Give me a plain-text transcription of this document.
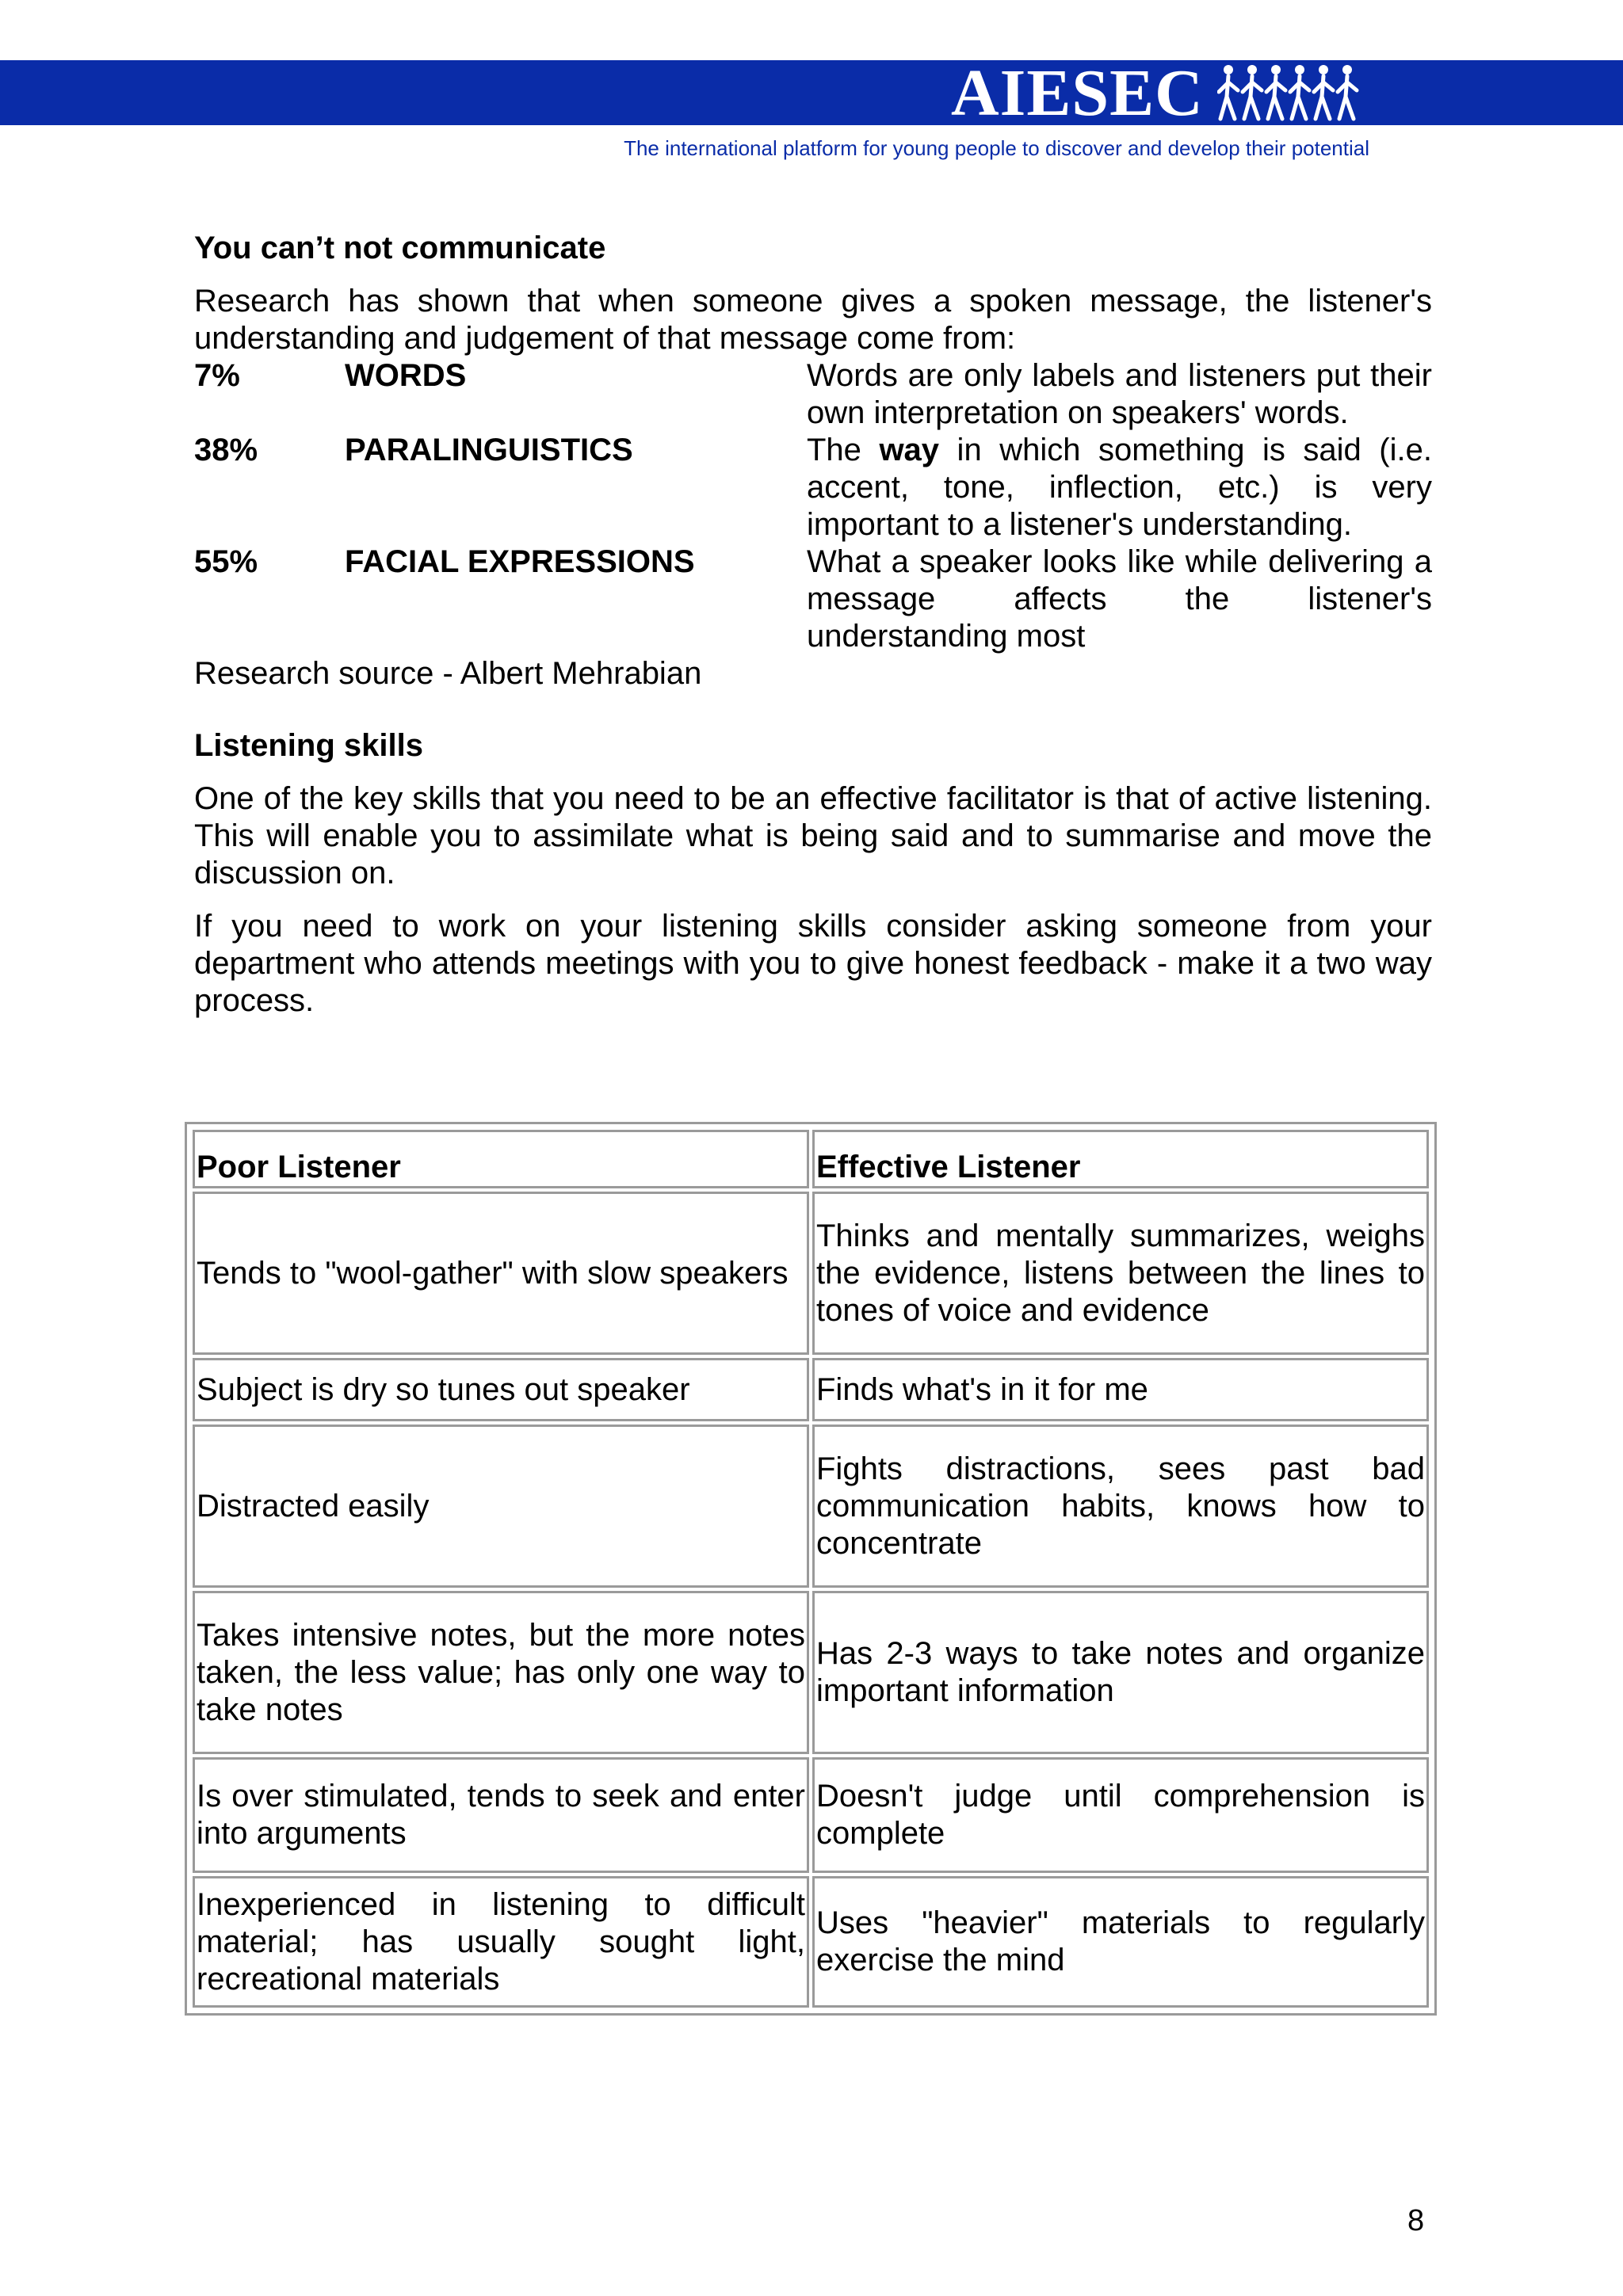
AIESEC
The international platform for young people to discover and develop their potential

You can’t not communicate

Research has shown that when someone gives a spoken message, the listener's understanding and judgement of that message come from:

7%	WORDS	Words are only labels and listeners put their own interpretation on speakers' words.
38%	PARALINGUISTICS	The way in which something is said (i.e. accent, tone, inflection, etc.) is very important to a listener's understanding.
55%	FACIAL EXPRESSIONS	What a speaker looks like while delivering a message affects the listener's understanding most

Research source - Albert Mehrabian

Listening skills

One of the key skills that you need to be an effective facilitator is that of active listening. This will enable you to assimilate what is being said and to summarise and move the discussion on.

If you need to work on your listening skills consider asking someone from your department who attends meetings with you to give honest feedback - make it a two way process.

Poor Listener	Effective Listener
Tends to "wool-gather" with slow speakers	Thinks and mentally summarizes, weighs the evidence, listens between the lines to tones of voice and evidence
Subject is dry so tunes out speaker	Finds what's in it for me
Distracted easily	Fights distractions, sees past bad communication habits, knows how to concentrate
Takes intensive notes, but the more notes taken, the less value; has only one way to take notes	Has 2-3 ways to take notes and organize important information
Is over stimulated, tends to seek and enter into arguments	Doesn't judge until comprehension is complete
Inexperienced in listening to difficult material; has usually sought light, recreational materials	Uses "heavier" materials to regularly exercise the mind
8
